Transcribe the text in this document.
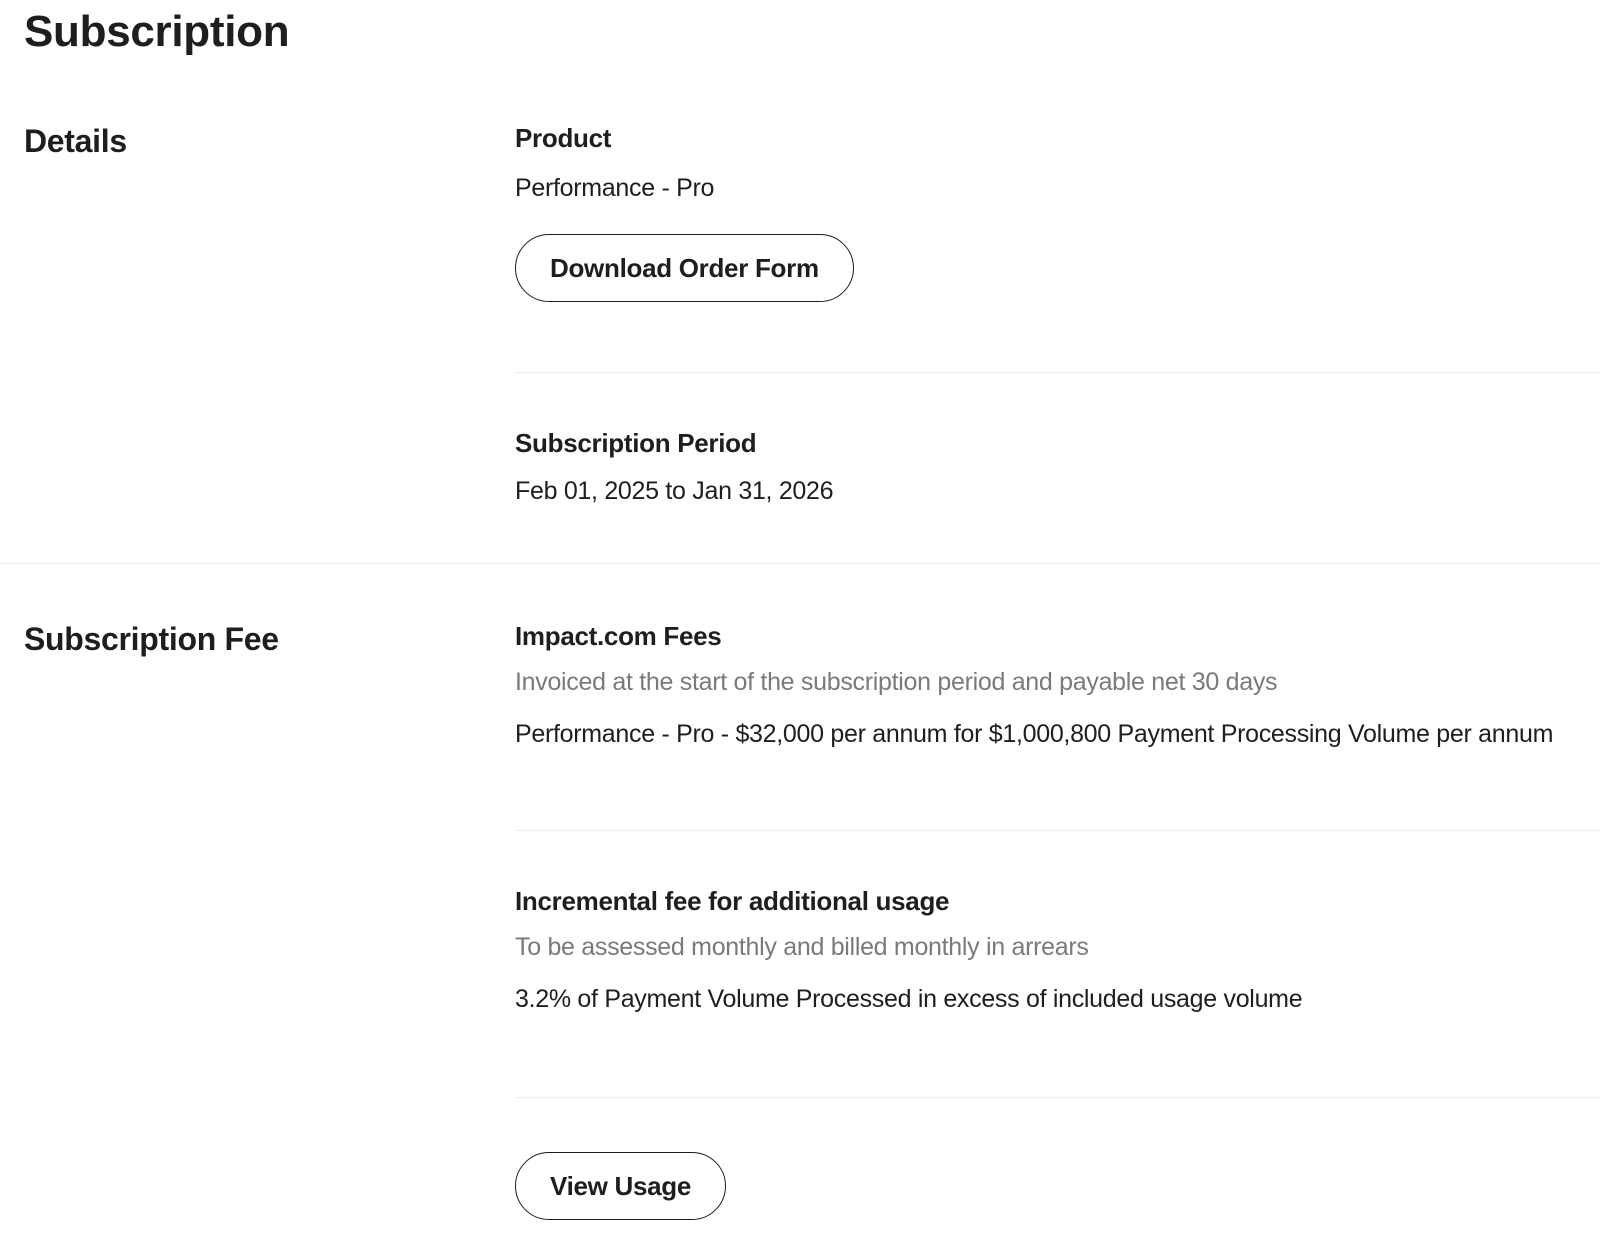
Subscription
Details	Product

Performance - Pro

Download Order Form
Subscription Period

Feb 01, 2025 to Jan 31, 2026

Subscription Fee	Impact.com Fees

Invoiced at the start of the subscription period and payable net 30 days

Performance - Pro - $32,000 per annum for $1,000,800 Payment Processing Volume per annum

Incremental fee for additional usage

To be assessed monthly and billed monthly in arrears

3.2% of Payment Volume Processed in excess of included usage volume

View Usage
